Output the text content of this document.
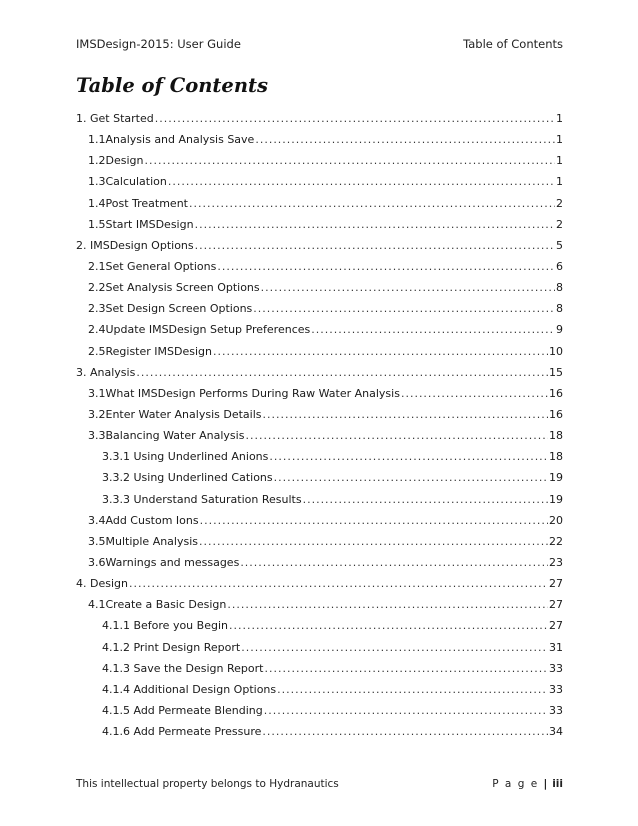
IMSDesign-2015: User Guide	Table of Contents
Table of Contents
1. Get Started .....	1
1.1 Analysis and Analysis Save .....	1
1.2 Design .....	1
1.3 Calculation .....	1
1.4 Post Treatment .....	2
1.5 Start IMSDesign .....	2
2. IMSDesign Options .....	5
2.1 Set General Options .....	6
2.2 Set Analysis Screen Options .....	8
2.3 Set Design Screen Options .....	8
2.4 Update IMSDesign Setup Preferences .....	9
2.5 Register IMSDesign .....	10
3. Analysis .....	15
3.1 What IMSDesign Performs During Raw Water Analysis .....	16
3.2 Enter Water Analysis Details .....	16
3.3 Balancing Water Analysis .....	18
3.3.1 Using Underlined Anions .....	18
3.3.2 Using Underlined Cations .....	19
3.3.3 Understand Saturation Results .....	19
3.4 Add Custom Ions .....	20
3.5 Multiple Analysis .....	22
3.6 Warnings and messages .....	23
4. Design .....	27
4.1 Create a Basic Design .....	27
4.1.1 Before you Begin .....	27
4.1.2 Print Design Report .....	31
4.1.3 Save the Design Report .....	33
4.1.4 Additional Design Options .....	33
4.1.5 Add Permeate Blending .....	33
4.1.6 Add Permeate Pressure .....	34
This intellectual property belongs to Hydranautics	P a g e | iii
